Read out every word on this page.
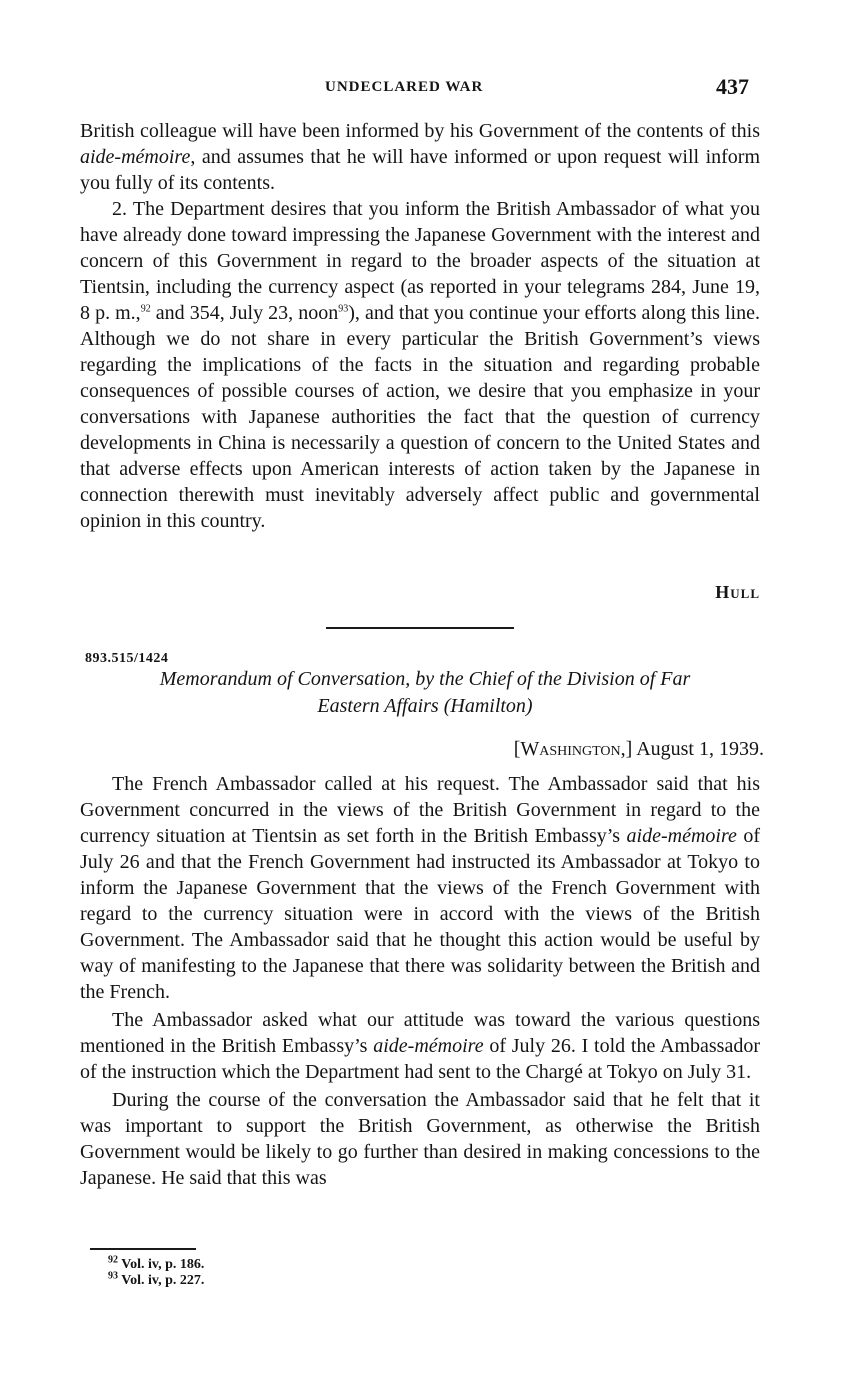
UNDECLARED WAR	437

British colleague will have been informed by his Government of the contents of this aide-mémoire, and assumes that he will have informed or upon request will inform you fully of its contents.

2. The Department desires that you inform the British Ambassador of what you have already done toward impressing the Japanese Government with the interest and concern of this Government in regard to the broader aspects of the situation at Tientsin, including the currency aspect (as reported in your telegrams 284, June 19, 8 p. m.,$^{92}$ and 354, July 23, noon$^{93}$), and that you continue your efforts along this line. Although we do not share in every particular the British Government’s views regarding the implications of the facts in the situation and regarding probable consequences of possible courses of action, we desire that you emphasize in your conversations with Japanese authorities the fact that the question of currency developments in China is necessarily a question of concern to the United States and that adverse effects upon American interests of action taken by the Japanese in connection therewith must inevitably adversely affect public and governmental opinion in this country.

Hull
893.515/1424
Memorandum of Conversation, by the Chief of the Division of Far
Eastern Affairs (Hamilton)
[Washington,] August 1, 1939.

The French Ambassador called at his request. The Ambassador said that his Government concurred in the views of the British Government in regard to the currency situation at Tientsin as set forth in the British Embassy’s aide-mémoire of July 26 and that the French Government had instructed its Ambassador at Tokyo to inform the Japanese Government that the views of the French Government with regard to the currency situation were in accord with the views of the British Government. The Ambassador said that he thought this action would be useful by way of manifesting to the Japanese that there was solidarity between the British and the French.

The Ambassador asked what our attitude was toward the various questions mentioned in the British Embassy’s aide-mémoire of July 26. I told the Ambassador of the instruction which the Department had sent to the Chargé at Tokyo on July 31.

During the course of the conversation the Ambassador said that he felt that it was important to support the British Government, as otherwise the British Government would be likely to go further than desired in making concessions to the Japanese. He said that this was

$^{92}$ Vol. iv, p. 186.
$^{93}$ Vol. iv, p. 227.
